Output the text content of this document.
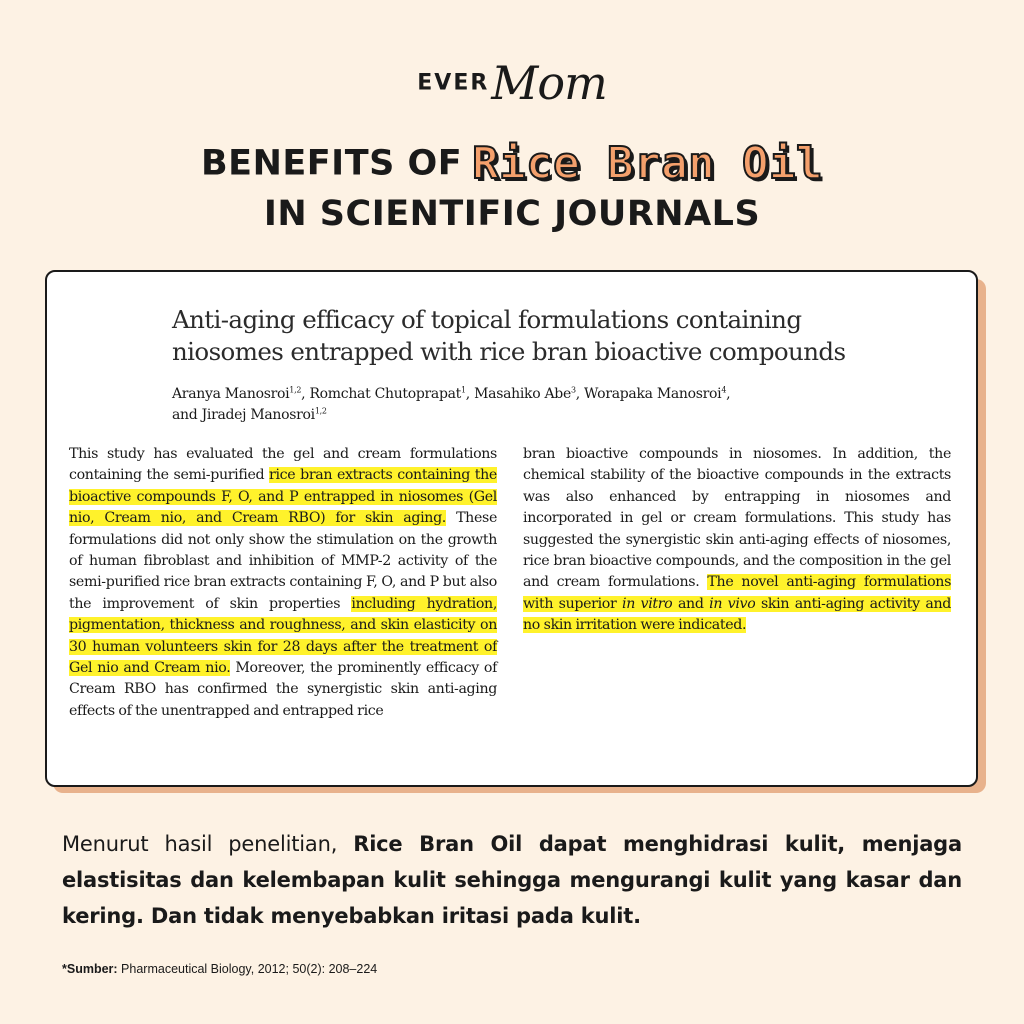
EVERMom
BENEFITS OF Rice Bran Oil
IN SCIENTIFIC JOURNALS
Anti-aging efficacy of topical formulations containing niosomes entrapped with rice bran bioactive compounds
Aranya Manosroi$^{1,2}$, Romchat Chutoprapat$^1$, Masahiko Abe$^3$, Worapaka Manosroi$^4$,
and Jiradej Manosroi$^{1,2}$
This study has evaluated the gel and cream formulations containing the semi-purified rice bran extracts containing the bioactive compounds F, O, and P entrapped in niosomes (Gel nio, Cream nio, and Cream RBO) for skin aging. These formulations did not only show the stimulation on the growth of human fibroblast and inhibition of MMP-2 activity of the semi-purified rice bran extracts containing F, O, and P but also the improvement of skin properties including hydration, pigmentation, thickness and roughness, and skin elasticity on 30 human volunteers skin for 28 days after the treatment of Gel nio and Cream nio. Moreover, the prominently efficacy of Cream RBO has confirmed the synergistic skin anti-aging effects of the unentrapped and entrapped rice
bran bioactive compounds in niosomes. In addition, the chemical stability of the bioactive compounds in the extracts was also enhanced by entrapping in niosomes and incorporated in gel or cream formulations. This study has suggested the synergistic skin anti-aging effects of niosomes, rice bran bioactive compounds, and the composition in the gel and cream formulations. The novel anti-aging formulations with superior in vitro and in vivo skin anti-aging activity and no skin irritation were indicated.
Menurut hasil penelitian, Rice Bran Oil dapat menghidrasi kulit, menjaga elastisitas dan kelembapan kulit sehingga mengurangi kulit yang kasar dan kering. Dan tidak menyebabkan iritasi pada kulit.
*Sumber: Pharmaceutical Biology, 2012; 50(2): 208–224
